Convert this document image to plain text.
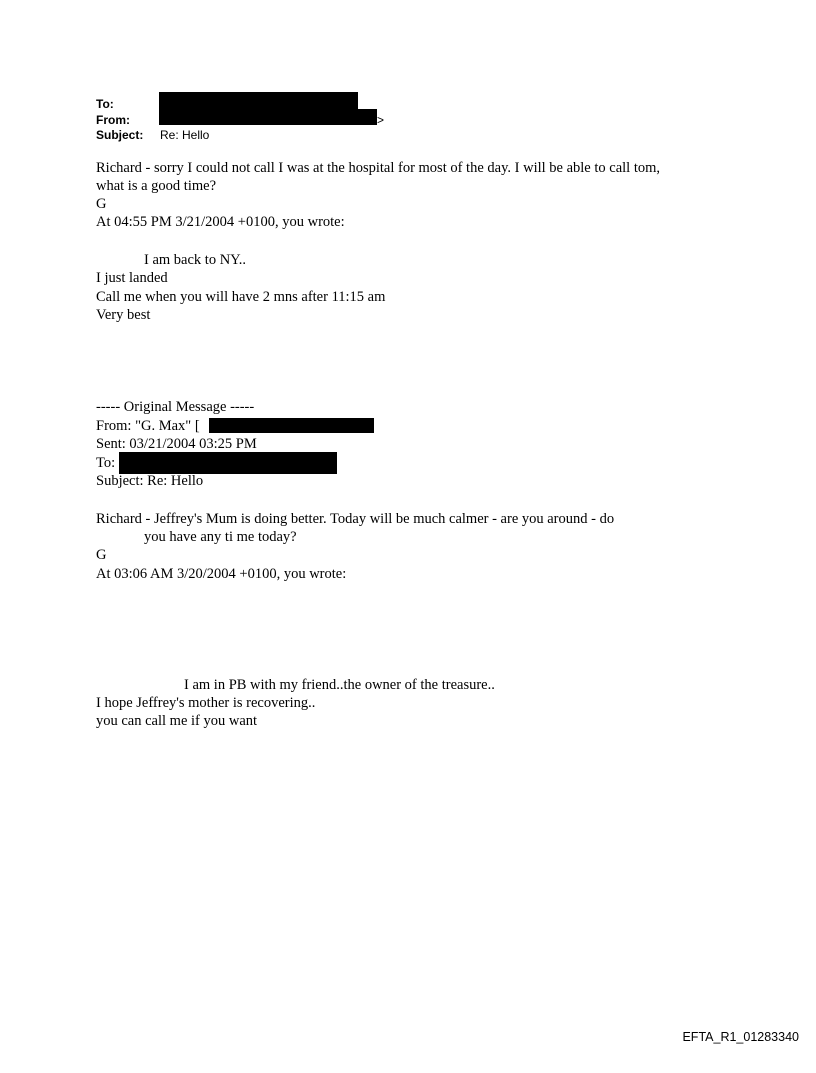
To:
From:	>
Subject: Re: Hello
Richard - sorry I could not call I was at the hospital for most of the day. I will be able to call tom,
what is a good time?
G
At 04:55 PM 3/21/2004 +0100, you wrote:
I am back to NY..
I just landed
Call me when you will have 2 mns after 11:15 am
Very best
----- Original Message -----
From: "G. Max" [
Sent: 03/21/2004 03:25 PM
To:
Subject: Re: Hello
Richard - Jeffrey's Mum is doing better. Today will be much calmer - are you around - do
you have any ti me today?
G
At 03:06 AM 3/20/2004 +0100, you wrote:
I am in PB with my friend..the owner of the treasure..
I hope Jeffrey's mother is recovering..
you can call me if you want
EFTA_R1_01283340
